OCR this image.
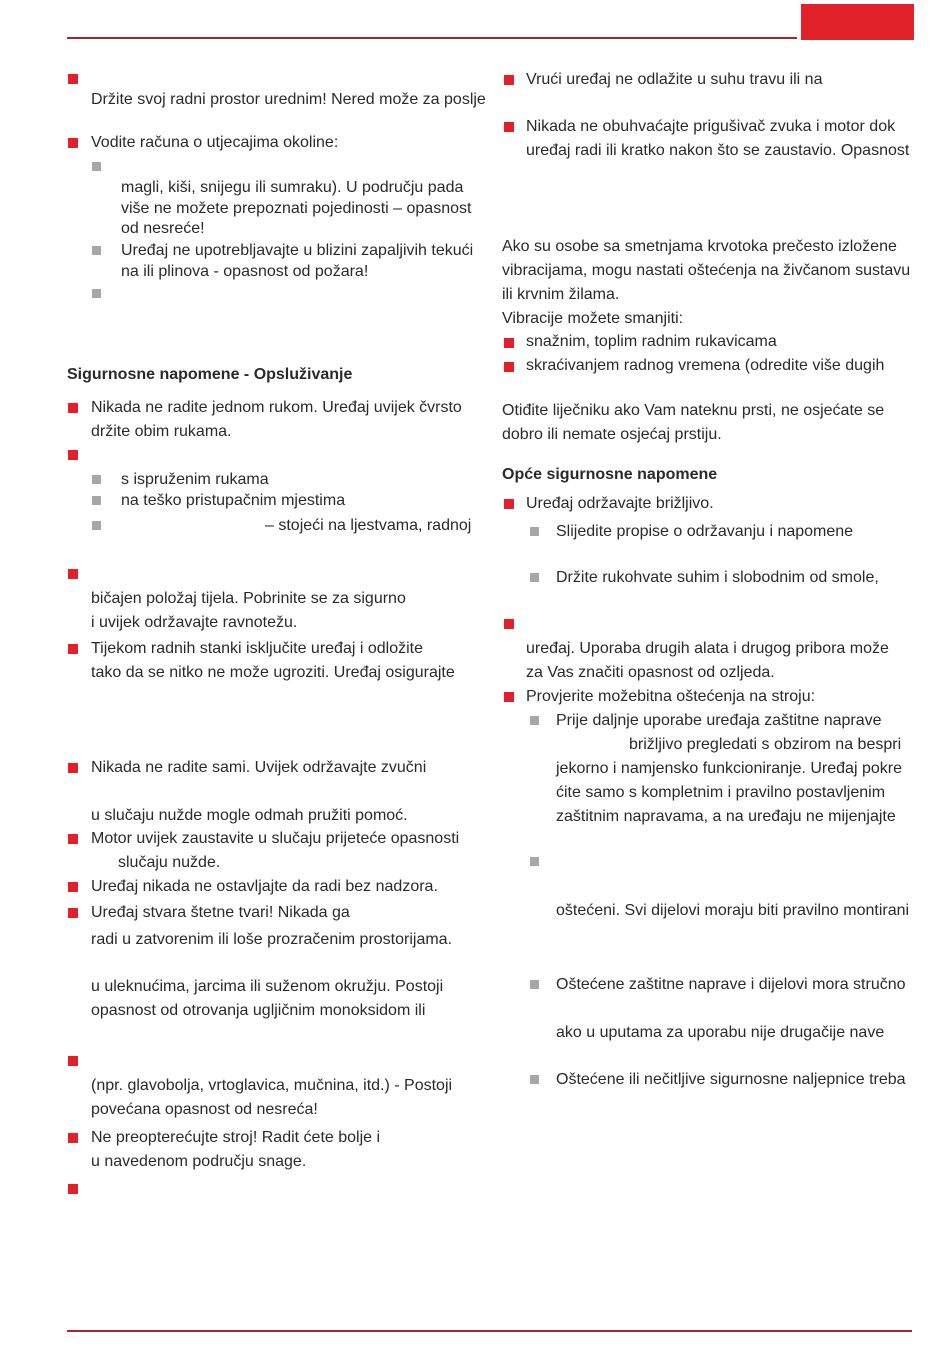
Držite svoj radni prostor urednim! Nered može za poslje
Vodite računa o utjecajima okoline:
magli, kiši, snijegu ili sumraku). U području pada
više ne možete prepoznati pojedinosti – opasnost
od nesreće!
Uređaj ne upotrebljavajte u blizini zapaljivih tekući
na ili plinova - opasnost od požara!
Sigurnosne napomene - Opsluživanje
Nikada ne radite jednom rukom. Uređaj uvijek čvrsto
držite obim rukama.
s ispruženim rukama
na teško pristupačnim mjestima
– stojeći na ljestvama, radnoj
bičajen položaj tijela. Pobrinite se za sigurno
i uvijek održavajte ravnotežu.
Tijekom radnih stanki isključite uređaj i odložite
tako da se nitko ne može ugroziti. Uređaj osigurajte
Nikada ne radite sami. Uvijek održavajte zvučni
u slučaju nužde mogle odmah pružiti pomoć.
Motor uvijek zaustavite u slučaju prijeteće opasnosti
slučaju nužde.
Uređaj nikada ne ostavljajte da radi bez nadzora.
Uređaj stvara štetne tvari! Nikada ga
radi u zatvorenim ili loše prozračenim prostorijama.
u uleknućima, jarcima ili suženom okružju. Postoji
opasnost od otrovanja ugljičnim monoksidom ili
(npr. glavobolja, vrtoglavica, mučnina, itd.) - Postoji
povećana opasnost od nesreća!
Ne preopterećujte stroj! Radit ćete bolje i
u navedenom području snage.
Vrući uređaj ne odlažite u suhu travu ili na
Nikada ne obuhvaćajte prigušivač zvuka i motor dok
uređaj radi ili kratko nakon što se zaustavio. Opasnost
Ako su osobe sa smetnjama krvotoka prečesto izložene
vibracijama, mogu nastati oštećenja na živčanom sustavu
ili krvnim žilama.
Vibracije možete smanjiti:
snažnim, toplim radnim rukavicama
skraćivanjem radnog vremena (odredite više dugih
Otiđite liječniku ako Vam nateknu prsti, ne osjećate se
dobro ili nemate osjećaj prstiju.
Opće sigurnosne napomene
Uređaj održavajte brižljivo.
Slijedite propise o održavanju i napomene
Držite rukohvate suhim i slobodnim od smole,
uređaj. Uporaba drugih alata i drugog pribora može
za Vas značiti opasnost od ozljeda.
Provjerite možebitna oštećenja na stroju:
Prije daljnje uporabe uređaja zaštitne naprave
brižljivo pregledati s obzirom na bespri
jekorno i namjensko funkcioniranje. Uređaj pokre
ćite samo s kompletnim i pravilno postavljenim
zaštitnim napravama, a na uređaju ne mijenjajte
oštećeni. Svi dijelovi moraju biti pravilno montirani
Oštećene zaštitne naprave i dijelovi mora stručno
ako u uputama za uporabu nije drugačije nave
Oštećene ili nečitljive sigurnosne naljepnice treba
